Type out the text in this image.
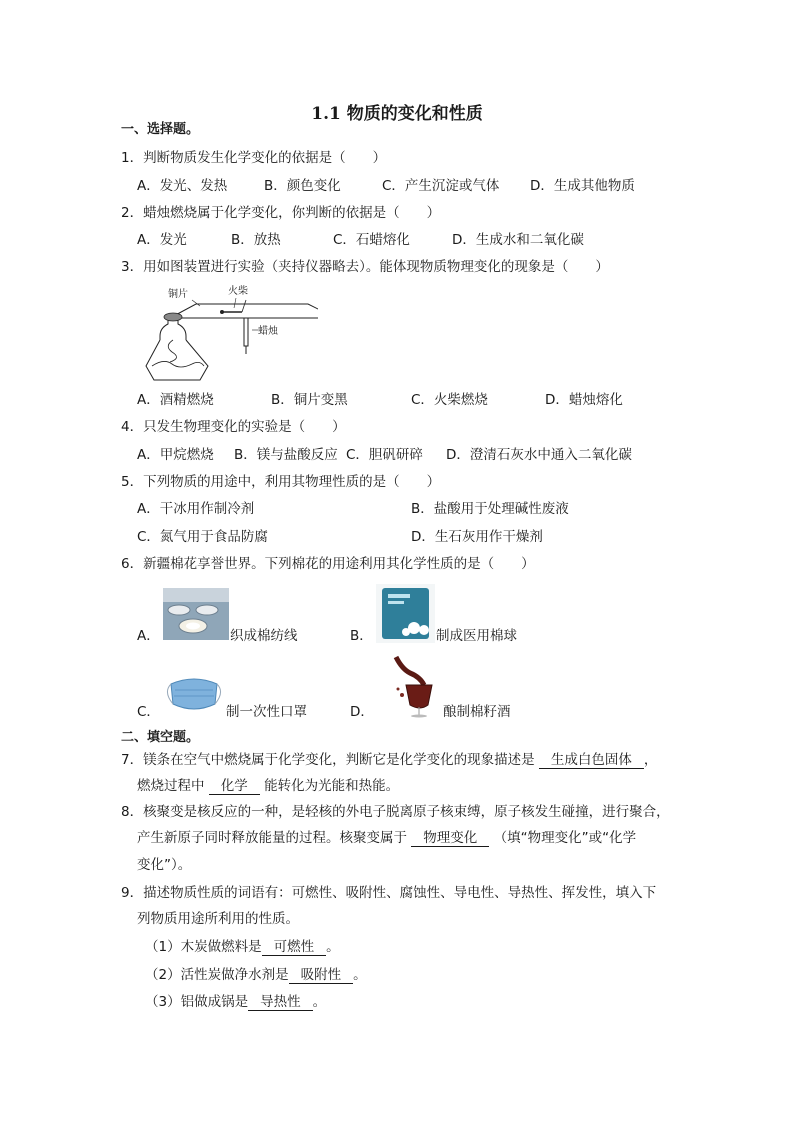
1.1 物质的变化和性质
一、选择题。
1．判断物质发生化学变化的依据是（　　）
A．发光、发热	B．颜色变化	C．产生沉淀或气体 D．生成其他物质
2．蜡烛燃烧属于化学变化，你判断的依据是（　　）
A．发光	B．放热	C．石蜡熔化	D．生成水和二氧化碳
3．用如图装置进行实验（夹持仪器略去）。能体现物质物理变化的现象是（　　）
铜片	火柴
蜡烛
A．酒精燃烧	B．铜片变黑	C．火柴燃烧	D．蜡烛熔化
4．只发生物理变化的实验是（　　）
A．甲烷燃烧 B．镁与盐酸反应 C．胆矾研碎 D．澄清石灰水中通入二氧化碳
5．下列物质的用途中，利用其物理性质的是（　　）
A．干冰用作制冷剂	B．盐酸用于处理碱性废液
C．氮气用于食品防腐	D．生石灰用作干燥剂
6．新疆棉花享誉世界。下列棉花的用途利用其化学性质的是（　　）
A．	织成棉纺线	B．	制成医用棉球
C．	制一次性口罩	D．	酿制棉籽酒
二、填空题。
7．镁条在空气中燃烧属于化学变化，判断它是化学变化的现象描述是 生成白色固体 ，
燃烧过程中 化学 能转化为光能和热能。
8．核聚变是核反应的一种，是轻核的外电子脱离原子核束缚，原子核发生碰撞，进行聚合，
产生新原子同时释放能量的过程。核聚变属于 物理变化 （填“物理变化”或“化学
变化”）。
9．描述物质性质的词语有：可燃性、吸附性、腐蚀性、导电性、导热性、挥发性，填入下
列物质用途所利用的性质。
（1）木炭做燃料是 可燃性 。
（2）活性炭做净水剂是 吸附性 。
（3）铝做成锅是 导热性 。
